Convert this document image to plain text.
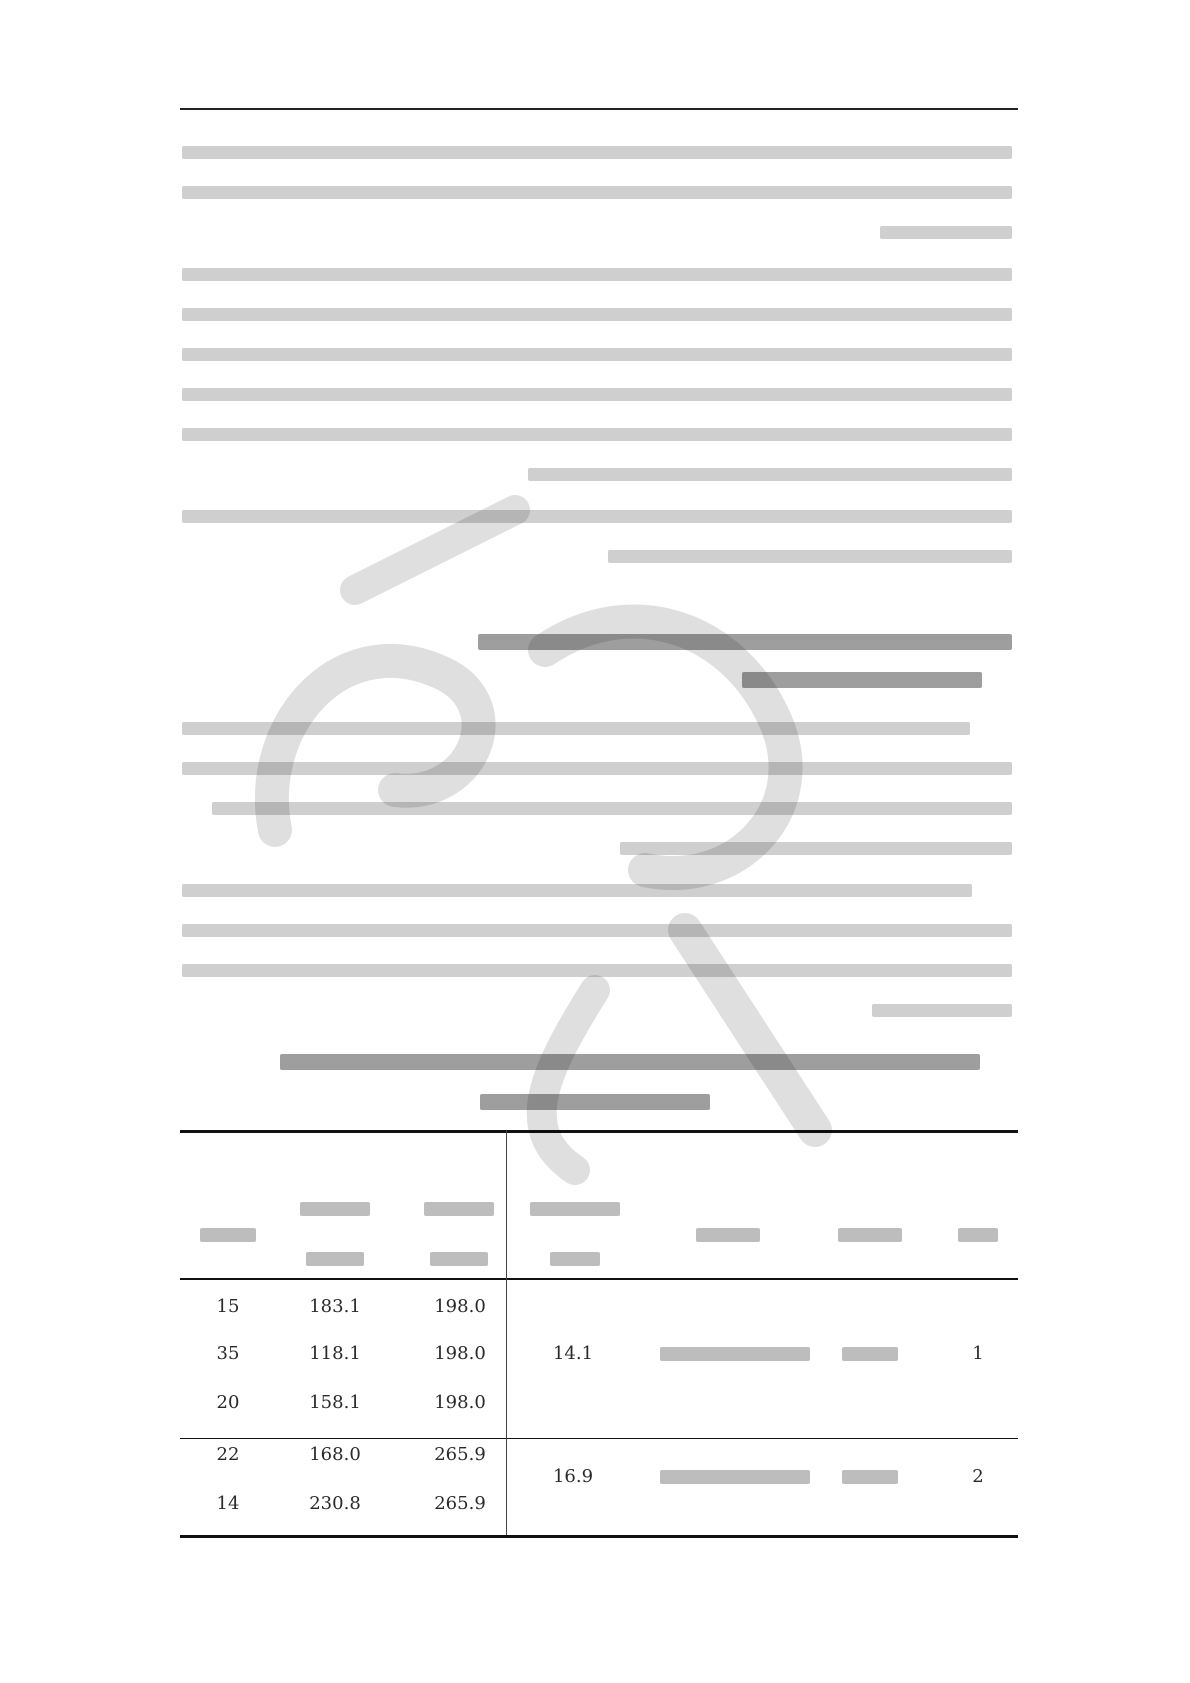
1
14.1
198.0
183.1
15
198.0
118.1
35
198.0
158.1
20
2
16.9
265.9
168.0
22
265.9
230.8
14
